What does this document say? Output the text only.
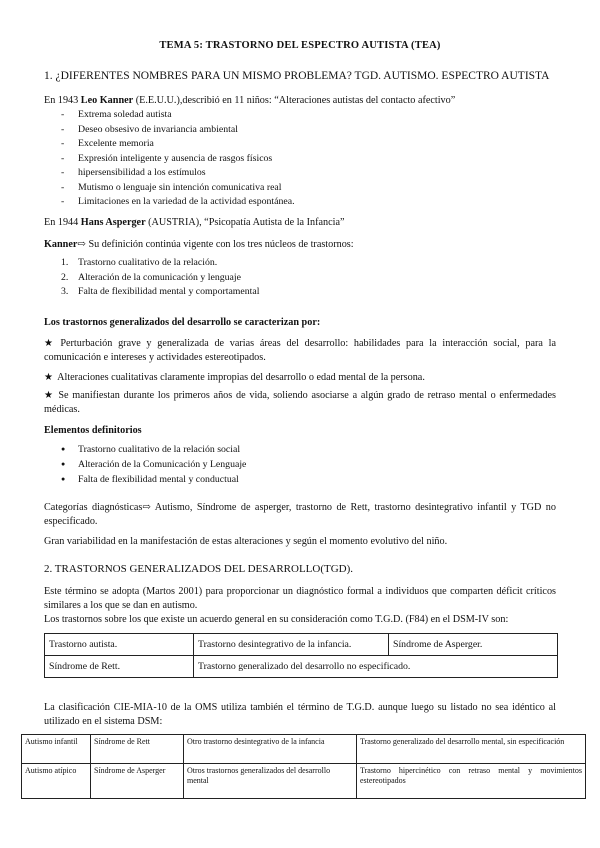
TEMA 5: TRASTORNO DEL ESPECTRO AUTISTA (TEA)
1. ¿DIFERENTES NOMBRES PARA UN MISMO PROBLEMA? TGD. AUTISMO. ESPECTRO AUTISTA
En 1943 Leo Kanner (E.E.U.U.),describió en 11 niños: “Alteraciones autistas del contacto afectivo”
- Extrema soledad autista
- Deseo obsesivo de invariancia ambiental
- Excelente memoria
- Expresión inteligente y ausencia de rasgos físicos
- hipersensibilidad a los estímulos
- Mutismo o lenguaje sin intención comunicativa real
- Limitaciones en la variedad de la actividad espontánea.
En 1944 Hans Asperger (AUSTRIA), “Psicopatía Autista de la Infancia”
Kanner⇨ Su definición continúa vigente con los tres núcleos de trastornos:
1. Trastorno cualitativo de la relación.
2. Alteración de la comunicación y lenguaje
3. Falta de flexibilidad mental y comportamental
Los trastornos generalizados del desarrollo se caracterizan por:
★ Perturbación grave y generalizada de varias áreas del desarrollo: habilidades para la interacción social, para la comunicación e intereses y actividades estereotipados.
★ Alteraciones cualitativas claramente impropias del desarrollo o edad mental de la persona.
★ Se manifiestan durante los primeros años de vida, soliendo asociarse a algún grado de retraso mental o enfermedades médicas.
Elementos definitorios
● Trastorno cualitativo de la relación social
● Alteración de la Comunicación y Lenguaje
● Falta de flexibilidad mental y conductual
Categorías diagnósticas⇨ Autismo, Síndrome de asperger, trastorno de Rett, trastorno desintegrativo infantil y TGD no especificado.
Gran variabilidad en la manifestación de estas alteraciones y según el momento evolutivo del niño.
2. TRASTORNOS GENERALIZADOS DEL DESARROLLO(TGD).
Este término se adopta (Martos 2001) para proporcionar un diagnóstico formal a individuos que comparten déficit críticos similares a los que se dan en autismo.
Los trastornos sobre los que existe un acuerdo general en su consideración como T.G.D. (F84) en el DSM-IV son:
Trastorno autista.	Trastorno desintegrativo de la infancia.	Síndrome de Asperger.
Síndrome de Rett.	Trastorno generalizado del desarrollo no especificado.	
La clasificación CIE-MIA-10 de la OMS utiliza también el término de T.G.D. aunque luego su listado no sea idéntico al utilizado en el sistema DSM:
Autismo infantil	Síndrome de Rett	Otro trastorno desintegrativo de la infancia	Trastorno generalizado del desarrollo mental, sin especificación
Autismo atípico	Síndrome de Asperger	Otros trastornos generalizados del desarrollo mental	Trastorno hipercinético con retraso mental y movimientos estereotipados
